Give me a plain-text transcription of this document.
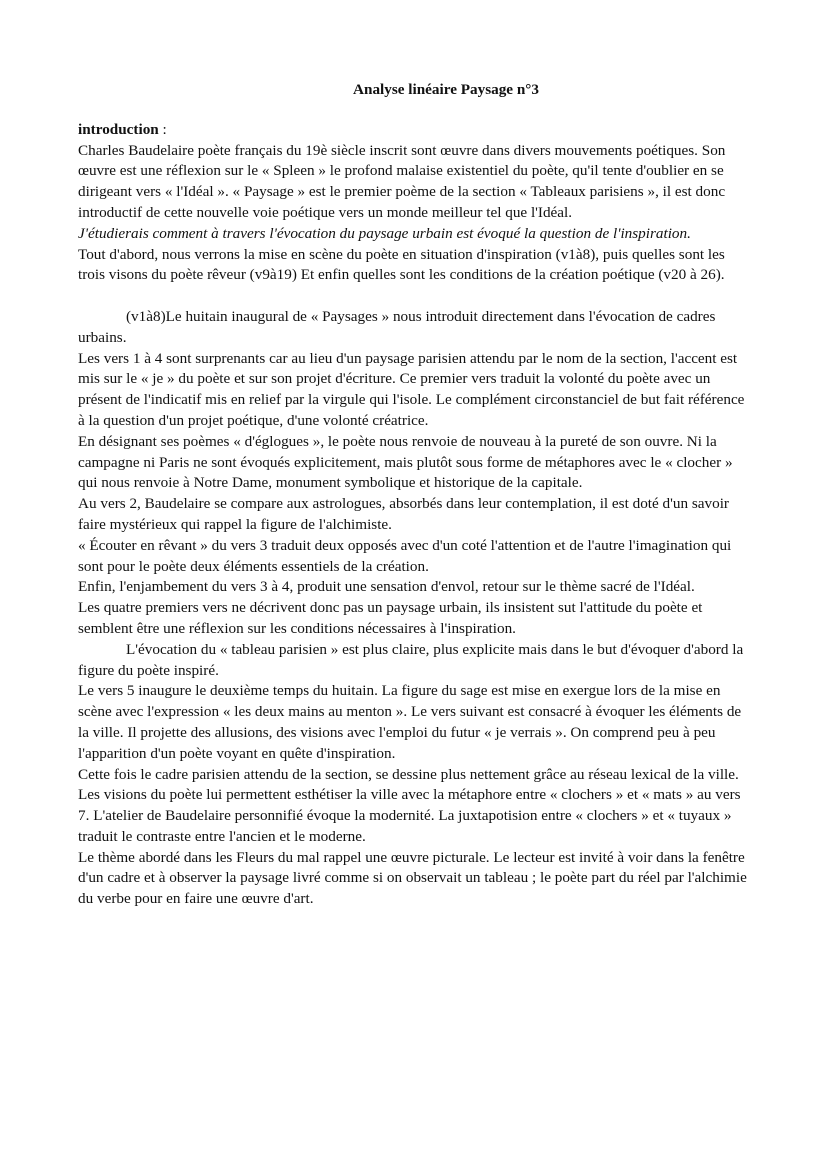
Analyse linéaire Paysage n°3

introduction :

Charles Baudelaire poète français du 19è siècle inscrit sont œuvre dans divers mouvements poétiques. Son œuvre est une réflexion sur le « Spleen » le profond malaise existentiel du poète, qu'il tente d'oublier en se dirigeant vers « l'Idéal ». « Paysage » est le premier poème de la section « Tableaux parisiens », il est donc introductif de cette nouvelle voie poétique vers un monde meilleur tel que l'Idéal.

J'étudierais comment à travers l'évocation du paysage urbain est évoqué la question de l'inspiration.

Tout d'abord, nous verrons la mise en scène du poète en situation d'inspiration (v1à8), puis quelles sont les trois visons du poète rêveur (v9à19) Et enfin quelles sont les conditions de la création poétique (v20 à 26).

(v1à8)Le huitain inaugural de « Paysages » nous introduit directement dans l'évocation de cadres urbains.

Les vers 1 à 4 sont surprenants car au lieu d'un paysage parisien attendu par le nom de la section, l'accent est mis sur le « je » du poète et sur son projet d'écriture. Ce premier vers traduit la volonté du poète avec un présent de l'indicatif mis en relief par la virgule qui l'isole. Le complément circonstanciel de but fait référence à la question d'un projet poétique, d'une volonté créatrice.

En désignant ses poèmes « d'églogues », le poète nous renvoie de nouveau à la pureté de son ouvre. Ni la campagne ni Paris ne sont évoqués explicitement, mais plutôt sous forme de métaphores avec le « clocher » qui nous renvoie à Notre Dame, monument symbolique et historique de la capitale.

Au vers 2, Baudelaire se compare aux astrologues, absorbés dans leur contemplation, il est doté d'un savoir faire mystérieux qui rappel la figure de l'alchimiste.

« Écouter en rêvant » du vers 3 traduit deux opposés avec d'un coté l'attention et de l'autre l'imagination qui sont pour le poète deux éléments essentiels de la création.

Enfin, l'enjambement du vers 3 à 4, produit une sensation d'envol, retour sur le thème sacré de l'Idéal.

Les quatre premiers vers ne décrivent donc pas un paysage urbain, ils insistent sut l'attitude du poète et semblent être une réflexion sur les conditions nécessaires à l'inspiration.

L'évocation du « tableau parisien » est plus claire, plus explicite mais dans le but d'évoquer d'abord la figure du poète inspiré.

Le vers 5 inaugure le deuxième temps du huitain. La figure du sage est mise en exergue lors de la mise en scène avec l'expression « les deux mains au menton ». Le vers suivant est consacré à évoquer les éléments de la ville. Il projette des allusions, des visions avec l'emploi du futur « je verrais ». On comprend peu à peu l'apparition d'un poète voyant en quête d'inspiration.

Cette fois le cadre parisien attendu de la section, se dessine plus nettement grâce au réseau lexical de la ville.

Les visions du poète lui permettent esthétiser la ville avec la métaphore entre « clochers » et « mats » au vers 7. L'atelier de Baudelaire personnifié évoque la modernité. La juxtapotision entre « clochers » et « tuyaux » traduit le contraste entre l'ancien et le moderne.

Le thème abordé dans les Fleurs du mal rappel une œuvre picturale. Le lecteur est invité à voir dans la fenêtre d'un cadre et à observer la paysage livré comme si on observait un tableau ; le poète part du réel par l'alchimie du verbe pour en faire une œuvre d'art.
